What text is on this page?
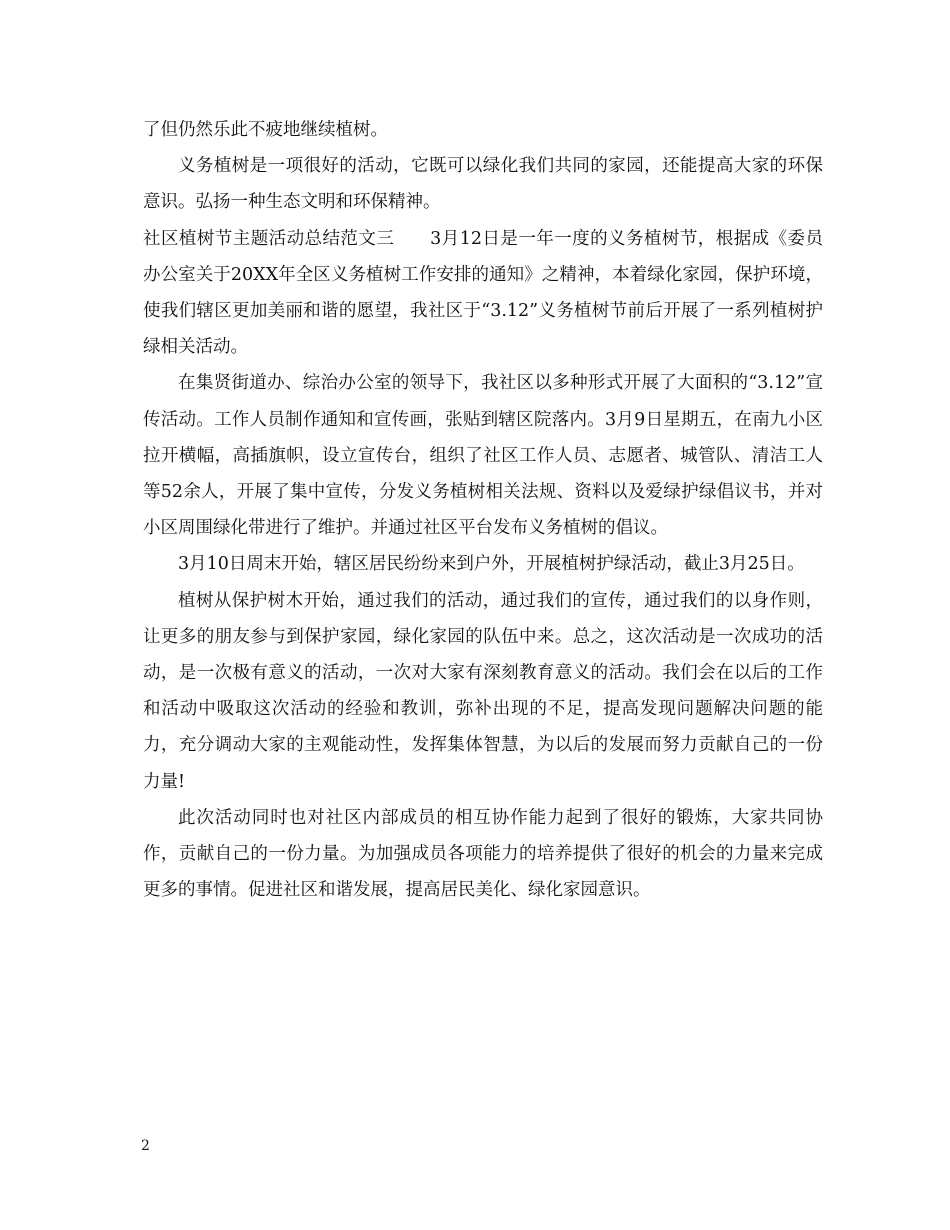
了但仍然乐此不疲地继续植树。

义务植树是一项很好的活动，它既可以绿化我们共同的家园，还能提高大家的环保意识。弘扬一种生态文明和环保精神。

社区植树节主题活动总结范文三　　3月12日是一年一度的义务植树节，根据成《委员办公室关于20XX年全区义务植树工作安排的通知》之精神，本着绿化家园，保护环境，使我们辖区更加美丽和谐的愿望，我社区于“3.12”义务植树节前后开展了一系列植树护绿相关活动。

在集贤街道办、综治办公室的领导下，我社区以多种形式开展了大面积的“3.12”宣传活动。工作人员制作通知和宣传画，张贴到辖区院落内。3月9日星期五，在南九小区拉开横幅，高插旗帜，设立宣传台，组织了社区工作人员、志愿者、城管队、清洁工人等52余人，开展了集中宣传，分发义务植树相关法规、资料以及爱绿护绿倡议书，并对小区周围绿化带进行了维护。并通过社区平台发布义务植树的倡议。

3月10日周末开始，辖区居民纷纷来到户外，开展植树护绿活动，截止3月25日。

植树从保护树木开始，通过我们的活动，通过我们的宣传，通过我们的以身作则，让更多的朋友参与到保护家园，绿化家园的队伍中来。总之，这次活动是一次成功的活动，是一次极有意义的活动，一次对大家有深刻教育意义的活动。我们会在以后的工作和活动中吸取这次活动的经验和教训，弥补出现的不足，提高发现问题解决问题的能力，充分调动大家的主观能动性，发挥集体智慧，为以后的发展而努力贡献自己的一份力量!

此次活动同时也对社区内部成员的相互协作能力起到了很好的锻炼，大家共同协作，贡献自己的一份力量。为加强成员各项能力的培养提供了很好的机会的力量来完成更多的事情。促进社区和谐发展，提高居民美化、绿化家园意识。

2
